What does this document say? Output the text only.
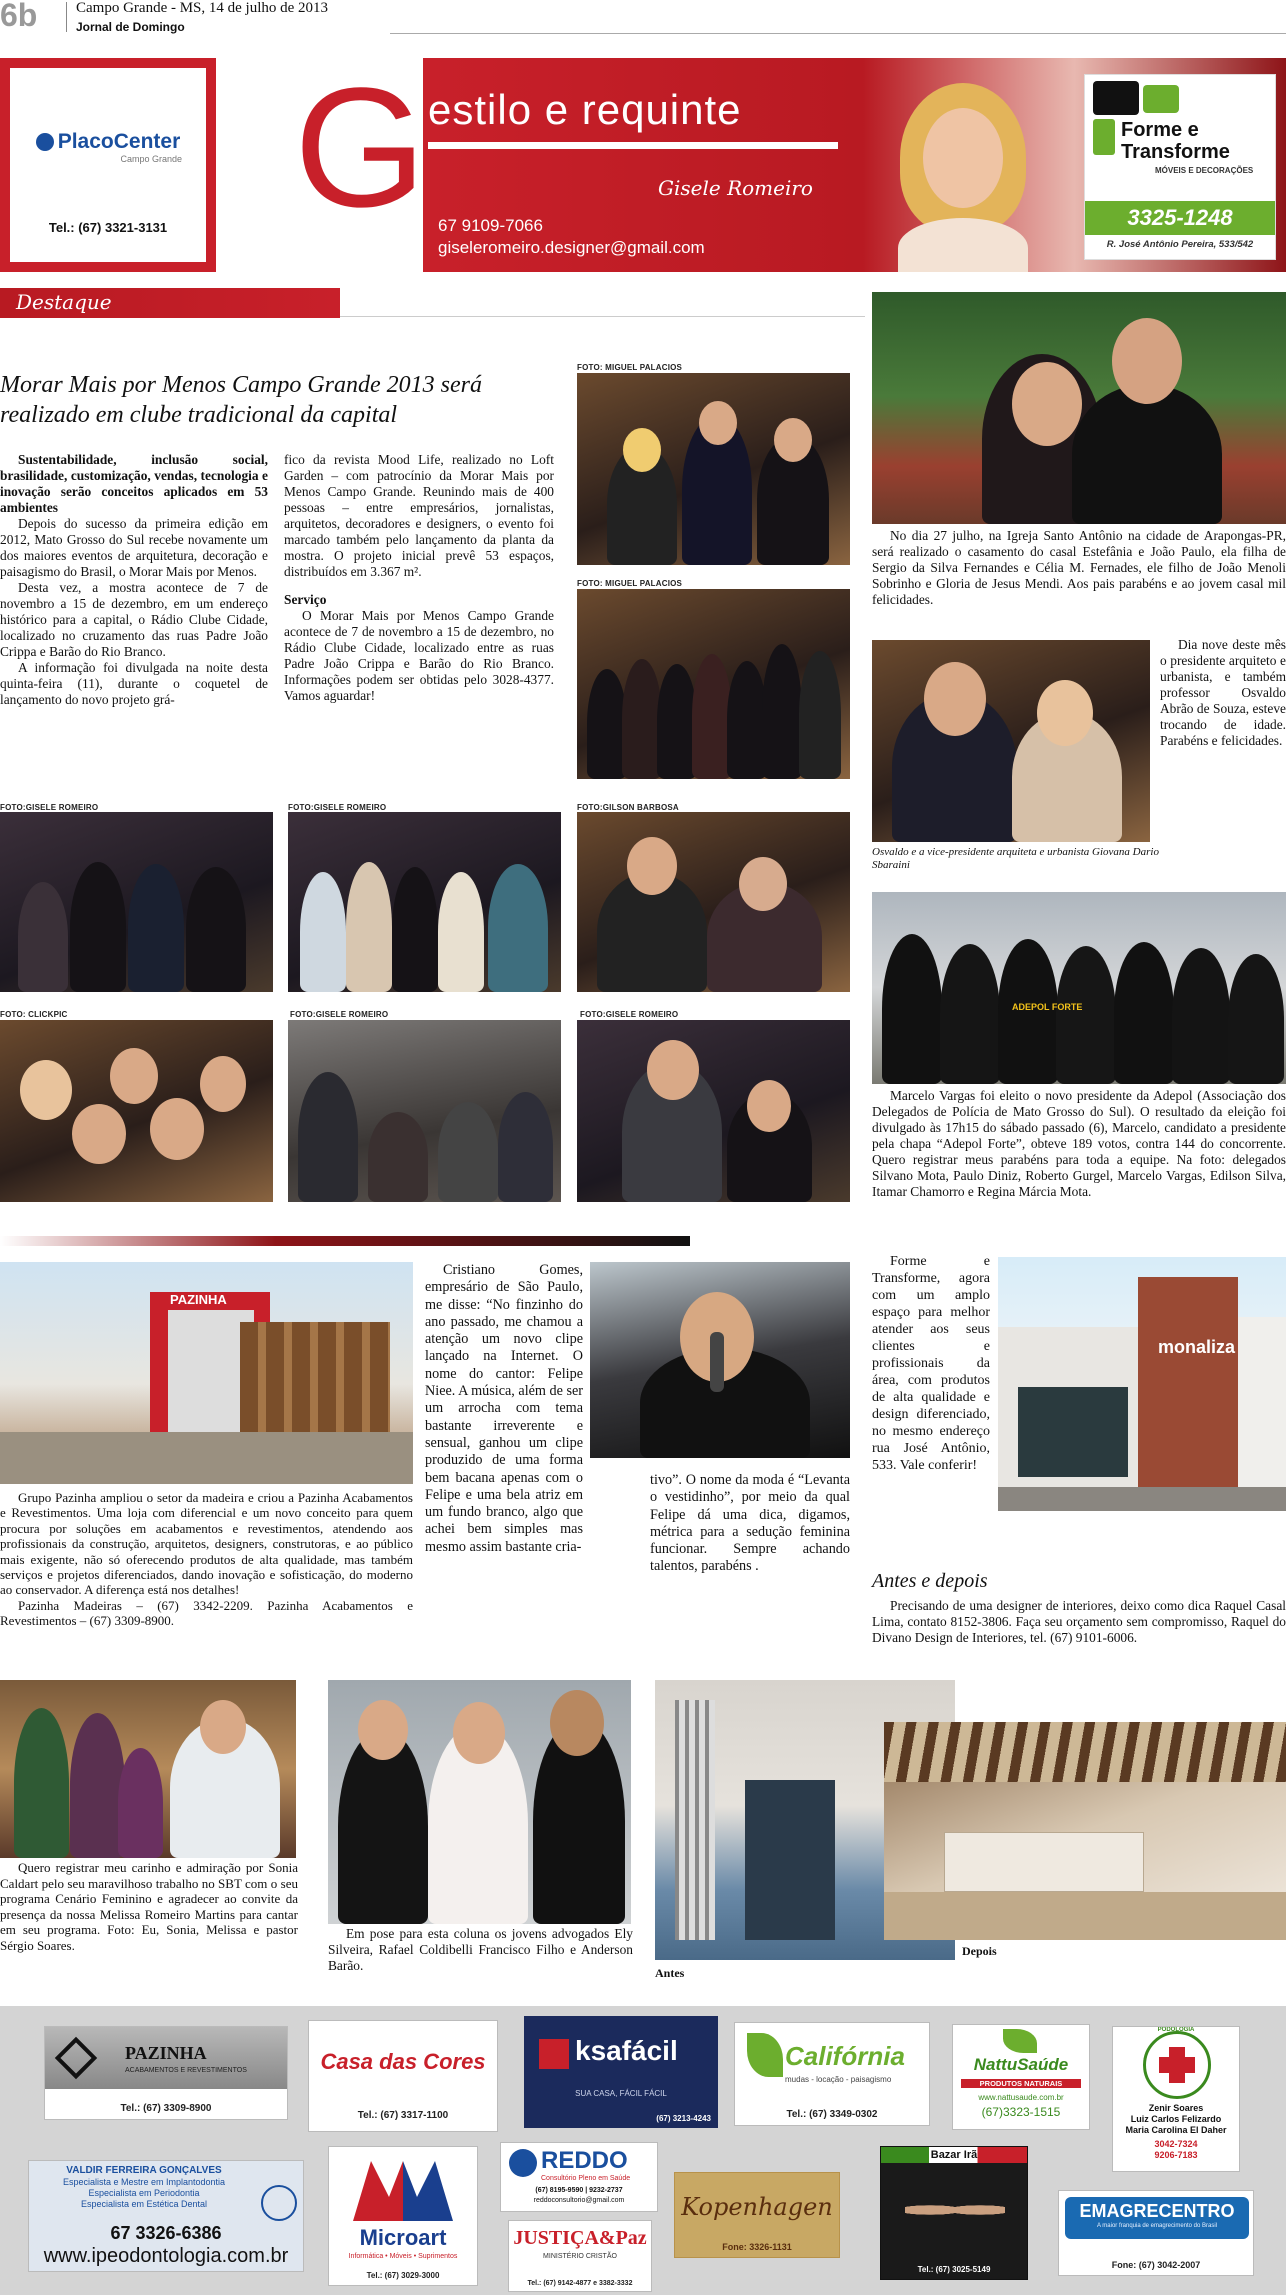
6b	Campo Grande - MS, 14 de julho de 2013
Jornal de Domingo
PlacoCenter
Campo Grande
Tel.: (67) 3321-3131 G estilo e requinte
Gisele Romeiro
67 9109-7066
giseleromeiro.designer@gmail.com
Forme e
Transforme
MÓVEIS E DECORAÇÕES
3325-1248
R. José Antônio Pereira, 533/542
Destaque
Morar Mais por Menos Campo Grande 2013 será realizado em clube tradicional da capital
Sustentabilidade, inclusão social, brasilidade, customização, vendas, tecnologia e inovação serão conceitos aplicados em 53 ambientes

Depois do sucesso da primeira edição em 2012, Mato Grosso do Sul recebe novamente um dos maiores eventos de arquitetura, decoração e paisagismo do Brasil, o Morar Mais por Menos.

Desta vez, a mostra acontece de 7 de novembro a 15 de dezembro, em um endereço histórico para a capital, o Rádio Clube Cidade, localizado no cruzamento das ruas Padre João Crippa e Barão do Rio Branco.

A informação foi divulgada na noite desta quinta-feira (11), durante o coquetel de lançamento do novo projeto grá-

fico da revista Mood Life, realizado no Loft Garden – com patrocínio da Morar Mais por Menos Campo Grande. Reunindo mais de 400 pessoas – entre empresários, jornalistas, arquitetos, decoradores e designers, o evento foi marcado também pelo lançamento da planta da mostra. O projeto inicial prevê 53 espaços, distribuídos em 3.367 m².
Serviço

O Morar Mais por Menos Campo Grande acontece de 7 de novembro a 15 de dezembro, no Rádio Clube Cidade, localizado entre as ruas Padre João Crippa e Barão do Rio Branco. Informações podem ser obtidas pelo 3028-4377. Vamos aguardar!

FOTO: MIGUEL PALACIOS
FOTO: MIGUEL PALACIOS
FOTO:GISELE ROMEIRO	FOTO:GISELE ROMEIRO	FOTO:GILSON BARBOSA
FOTO: CLICKPIC	FOTO:GISELE ROMEIRO	FOTO:GISELE ROMEIRO
No dia 27 julho, na Igreja Santo Antônio na cidade de Arapongas-PR, será realizado o casamento do casal Estefânia e João Paulo, ela filha de Sergio da Silva Fernandes e Célia M. Fernades, ele filho de João Menoli Sobrinho e Gloria de Jesus Mendi. Aos pais parabéns e ao jovem casal mil felicidades.
Dia nove deste mês o presidente arquiteto e urbanista, e também professor Osvaldo Abrão de Souza, esteve trocando de idade. Parabéns e felicidades.
Osvaldo e a vice-presidente arquiteta e urbanista Giovana Dario Sbaraini
ADEPOL FORTE
Marcelo Vargas foi eleito o novo presidente da Adepol (Associação dos Delegados de Polícia de Mato Grosso do Sul). O resultado da eleição foi divulgado às 17h15 do sábado passado (6), Marcelo, candidato a presidente pela chapa “Adepol Forte”, obteve 189 votos, contra 144 do concorrente. Quero registrar meus parabéns para toda a equipe. Na foto: delegados Silvano Mota, Paulo Diniz, Roberto Gurgel, Marcelo Vargas, Edilson Silva, Itamar Chamorro e Regina Márcia Mota.
PAZINHA

Grupo Pazinha ampliou o setor da madeira e criou a Pazinha Acabamentos e Revestimentos. Uma loja com diferencial e um novo conceito para quem procura por soluções em acabamentos e revestimentos, atendendo aos profissionais da construção, arquitetos, designers, construtoras, e ao público mais exigente, não só oferecendo produtos de alta qualidade, mas também serviços e projetos diferenciados, dando inovação e sofisticação, do moderno ao conservador. A diferença está nos detalhes!

Pazinha Madeiras – (67) 3342-2209. Pazinha Acabamentos e Revestimentos – (67) 3309-8900.

Cristiano Gomes, empresário de São Paulo, me disse: “No finzinho do ano passado, me chamou a atenção um novo clipe lançado na Internet. O nome do cantor: Felipe Niee. A música, além de ser um arrocha com tema bastante irreverente e sensual, ganhou um clipe produzido de uma forma bem bacana apenas com o Felipe e uma bela atriz em um fundo branco, algo que achei bem simples mas mesmo assim bastante cria-
tivo”. O nome da moda é “Levanta o vestidinho”, por meio da qual Felipe dá uma dica, digamos, métrica para a sedução feminina funcionar. Sempre achando talentos, parabéns .
Forme e Transforme, agora com um amplo espaço para melhor atender aos seus clientes e profissionais da área, com produtos de alta qualidade e design diferenciado, no mesmo endereço rua José Antônio, 533. Vale conferir!
monaliza
Antes e depois
Precisando de uma designer de interiores, deixo como dica Raquel Casal Lima, contato 8152-3806. Faça seu orçamento sem compromisso, Raquel do Divano Design de Interiores, tel. (67) 9101-6006.
Quero registrar meu carinho e admiração por Sonia Caldart pelo seu maravilhoso trabalho no SBT com o seu programa Cenário Feminino e agradecer ao convite da presença da nossa Melissa Romeiro Martins para cantar em seu programa. Foto: Eu, Sonia, Melissa e pastor Sérgio Soares.
Em pose para esta coluna os jovens advogados Ely Silveira, Rafael Coldibelli Francisco Filho e Anderson Barão.	Antes
Depois
PAZINHA
ACABAMENTOS E REVESTIMENTOS
Tel.: (67) 3309-8900
Casa das Cores
Tel.: (67) 3317-1100
ksafácil
SUA CASA, FÁCIL FÁCIL
(67) 3213-4243
Califórnia
mudas - locação - paisagismo
Tel.: (67) 3349-0302
NattuSaúde
PRODUTOS NATURAIS
www.nattusaude.com.br
(67)3323-1515
PODOLOGIA
Zenir Soares
Luiz Carlos Felizardo
Maria Carolina El Daher
3042-7324
9206-7183
VALDIR FERREIRA GONÇALVES
Especialista e Mestre em Implantodontia
Especialista em Periodontia
Especialista em Estética Dental
67 3326-6386
www.ipeodontologia.com.br
Microart
Informática • Móveis • Suprimentos
Tel.: (67) 3029-3000
REDDO
Consultório Pleno em Saúde
(67) 8195-9590 | 9232-2737
reddoconsultorio@gmail.com
JUSTIÇA&Paz
MINISTÉRIO CRISTÃO
Tel.: (67) 9142-4877 e 3382-3332
Kopenhagen
Fone: 3326-1131
Bazar Irã
Tel.: (67) 3025-5149
EMAGRECENTRO
A maior franquia de emagrecimento do Brasil
Fone: (67) 3042-2007
